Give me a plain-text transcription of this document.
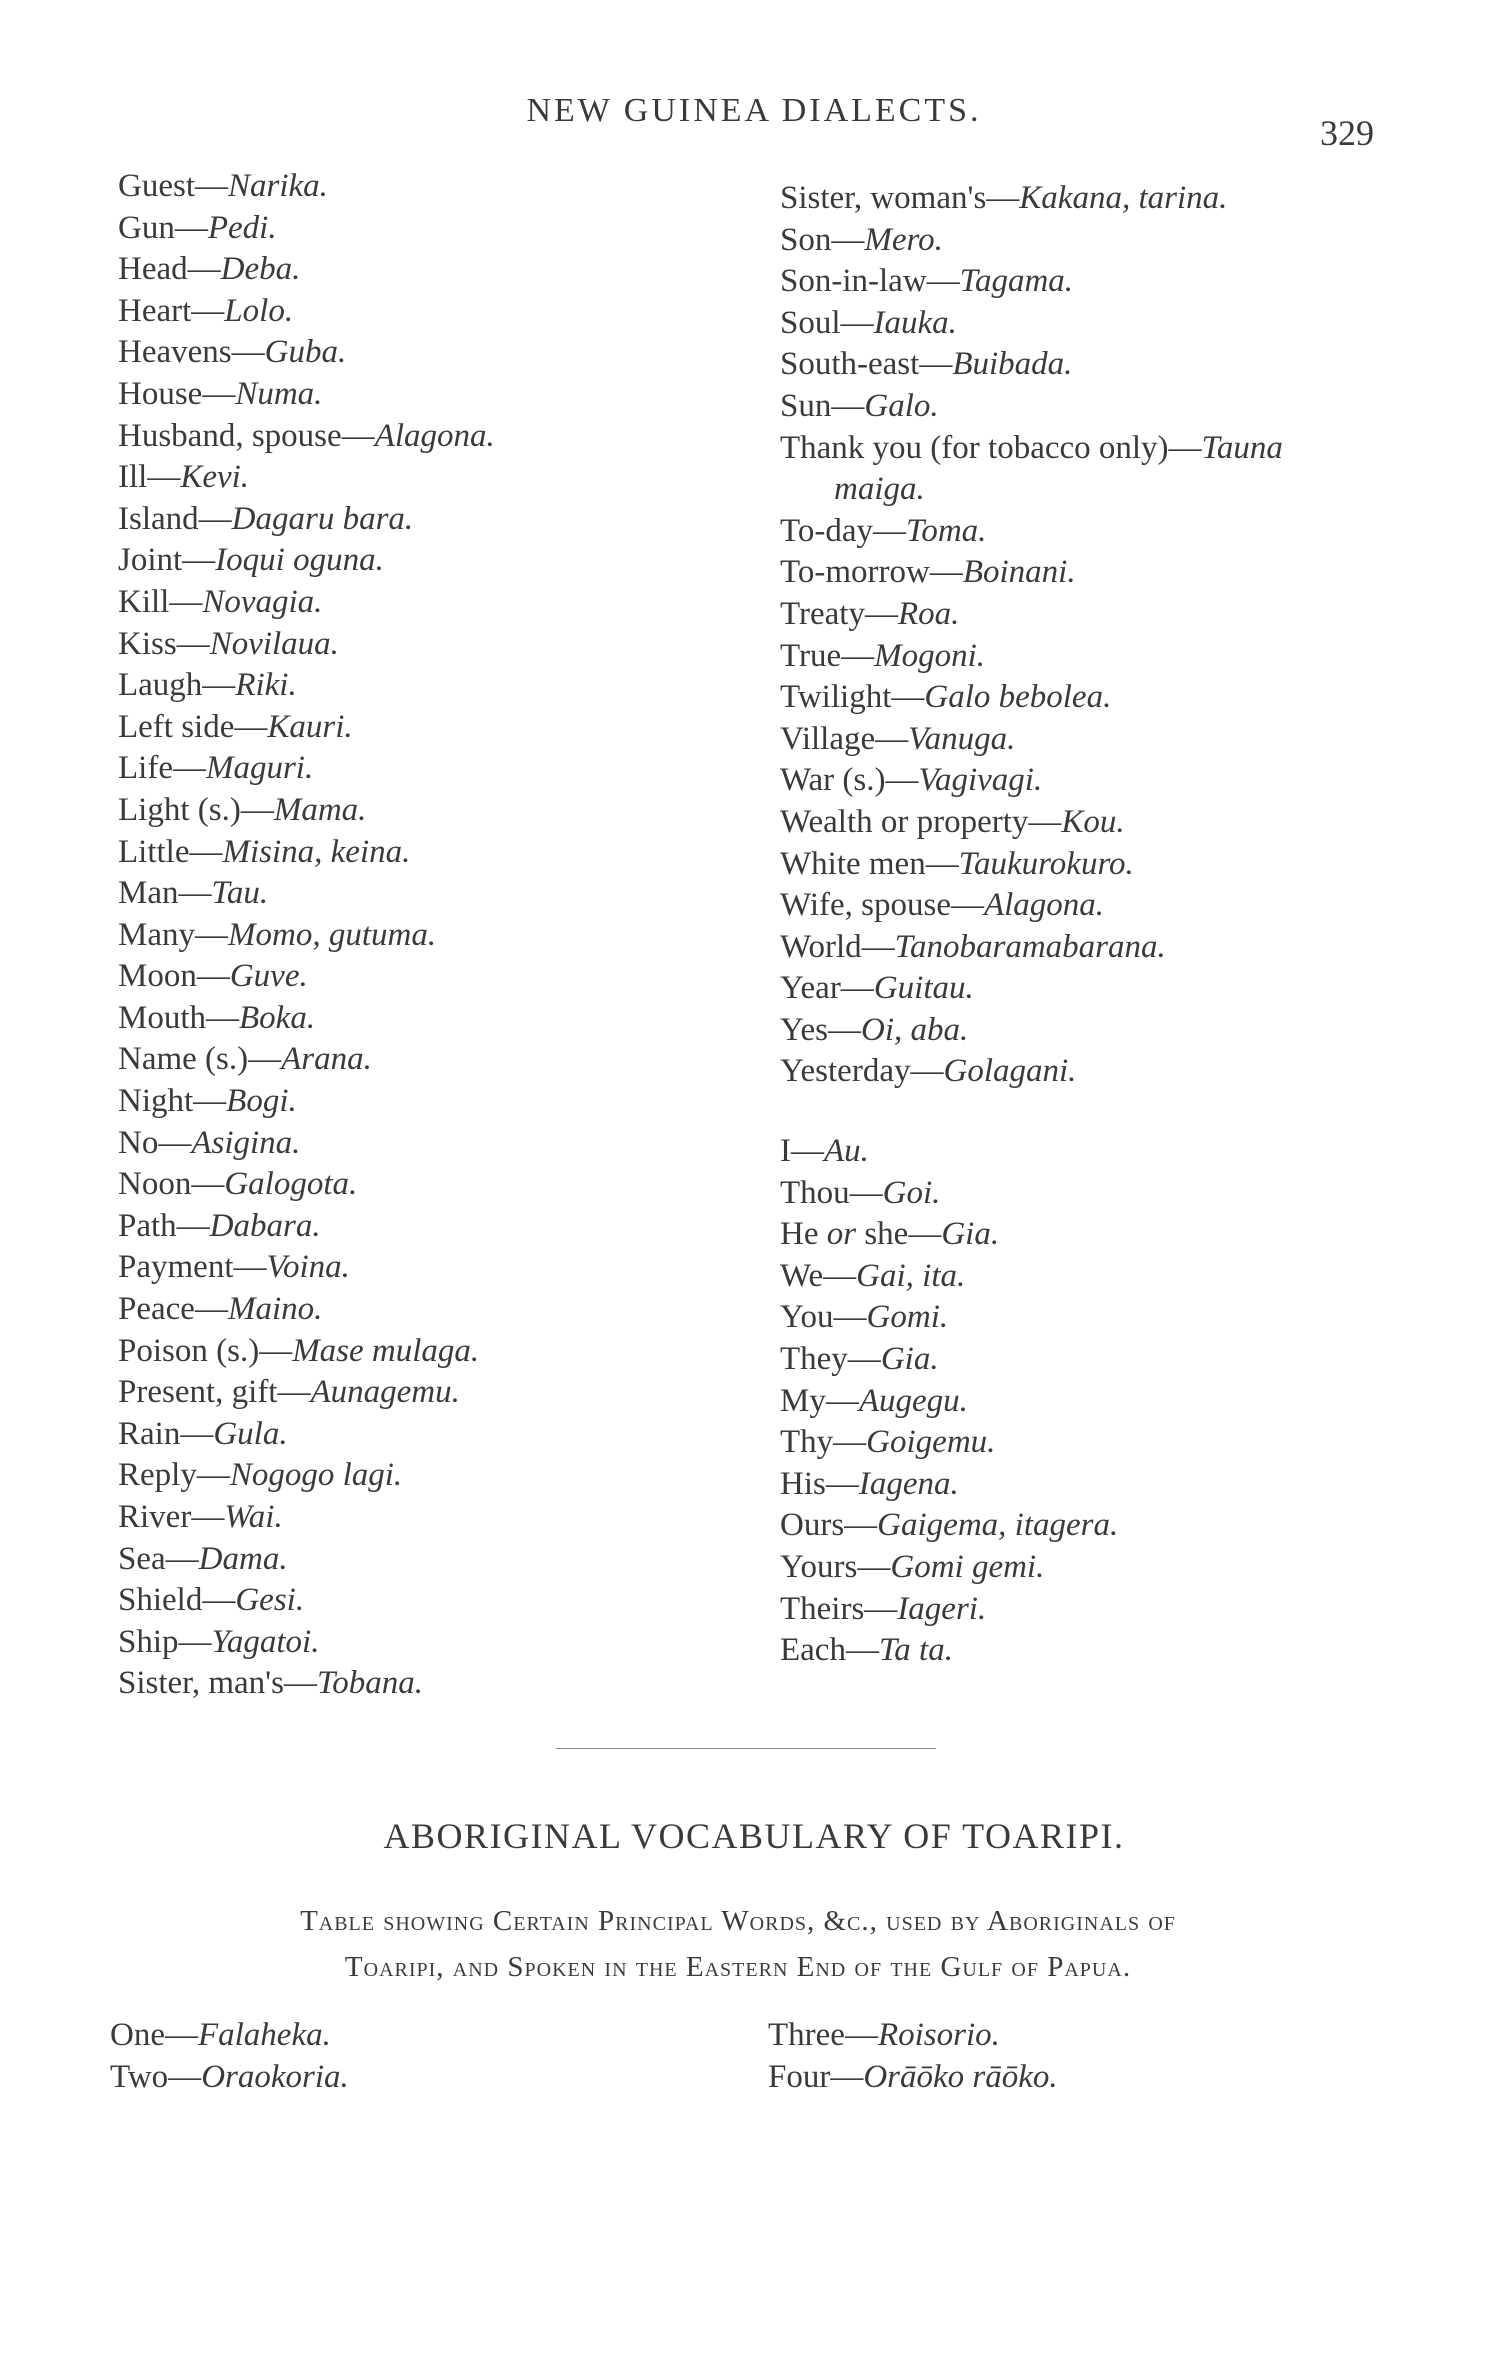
NEW GUINEA DIALECTS.
329
Guest—Narika.
Gun—Pedi.
Head—Deba.
Heart—Lolo.
Heavens—Guba.
House—Numa.
Husband, spouse—Alagona.
Ill—Kevi.
Island—Dagaru bara.
Joint—Ioqui oguna.
Kill—Novagia.
Kiss—Novilaua.
Laugh—Riki.
Left side—Kauri.
Life—Maguri.
Light (s.)—Mama.
Little—Misina, keina.
Man—Tau.
Many—Momo, gutuma.
Moon—Guve.
Mouth—Boka.
Name (s.)—Arana.
Night—Bogi.
No—Asigina.
Noon—Galogota.
Path—Dabara.
Payment—Voina.
Peace—Maino.
Poison (s.)—Mase mulaga.
Present, gift—Aunagemu.
Rain—Gula.
Reply—Nogogo lagi.
River—Wai.
Sea—Dama.
Shield—Gesi.
Ship—Yagatoi.
Sister, man's—Tobana.
Sister, woman's—Kakana, tarina.
Son—Mero.
Son-in-law—Tagama.
Soul—Iauka.
South-east—Buibada.
Sun—Galo.
Thank you (for tobacco only)—Tauna
maiga.
To-day—Toma.
To-morrow—Boinani.
Treaty—Roa.
True—Mogoni.
Twilight—Galo bebolea.
Village—Vanuga.
War (s.)—Vagivagi.
Wealth or property—Kou.
White men—Taukurokuro.
Wife, spouse—Alagona.
World—Tanobaramabarana.
Year—Guitau.
Yes—Oi, aba.
Yesterday—Golagani.
I—Au.
Thou—Goi.
He or she—Gia.
We—Gai, ita.
You—Gomi.
They—Gia.
My—Augegu.
Thy—Goigemu.
His—Iagena.
Ours—Gaigema, itagera.
Yours—Gomi gemi.
Theirs—Iageri.
Each—Ta ta.
ABORIGINAL VOCABULARY OF TOARIPI.
Table showing Certain Principal Words, &c., used by Aboriginals of
Toaripi, and Spoken in the Eastern End of the Gulf of Papua.
One—Falaheka.
Two—Oraokoria.
Three—Roisorio.
Four—Orāōko rāōko.
